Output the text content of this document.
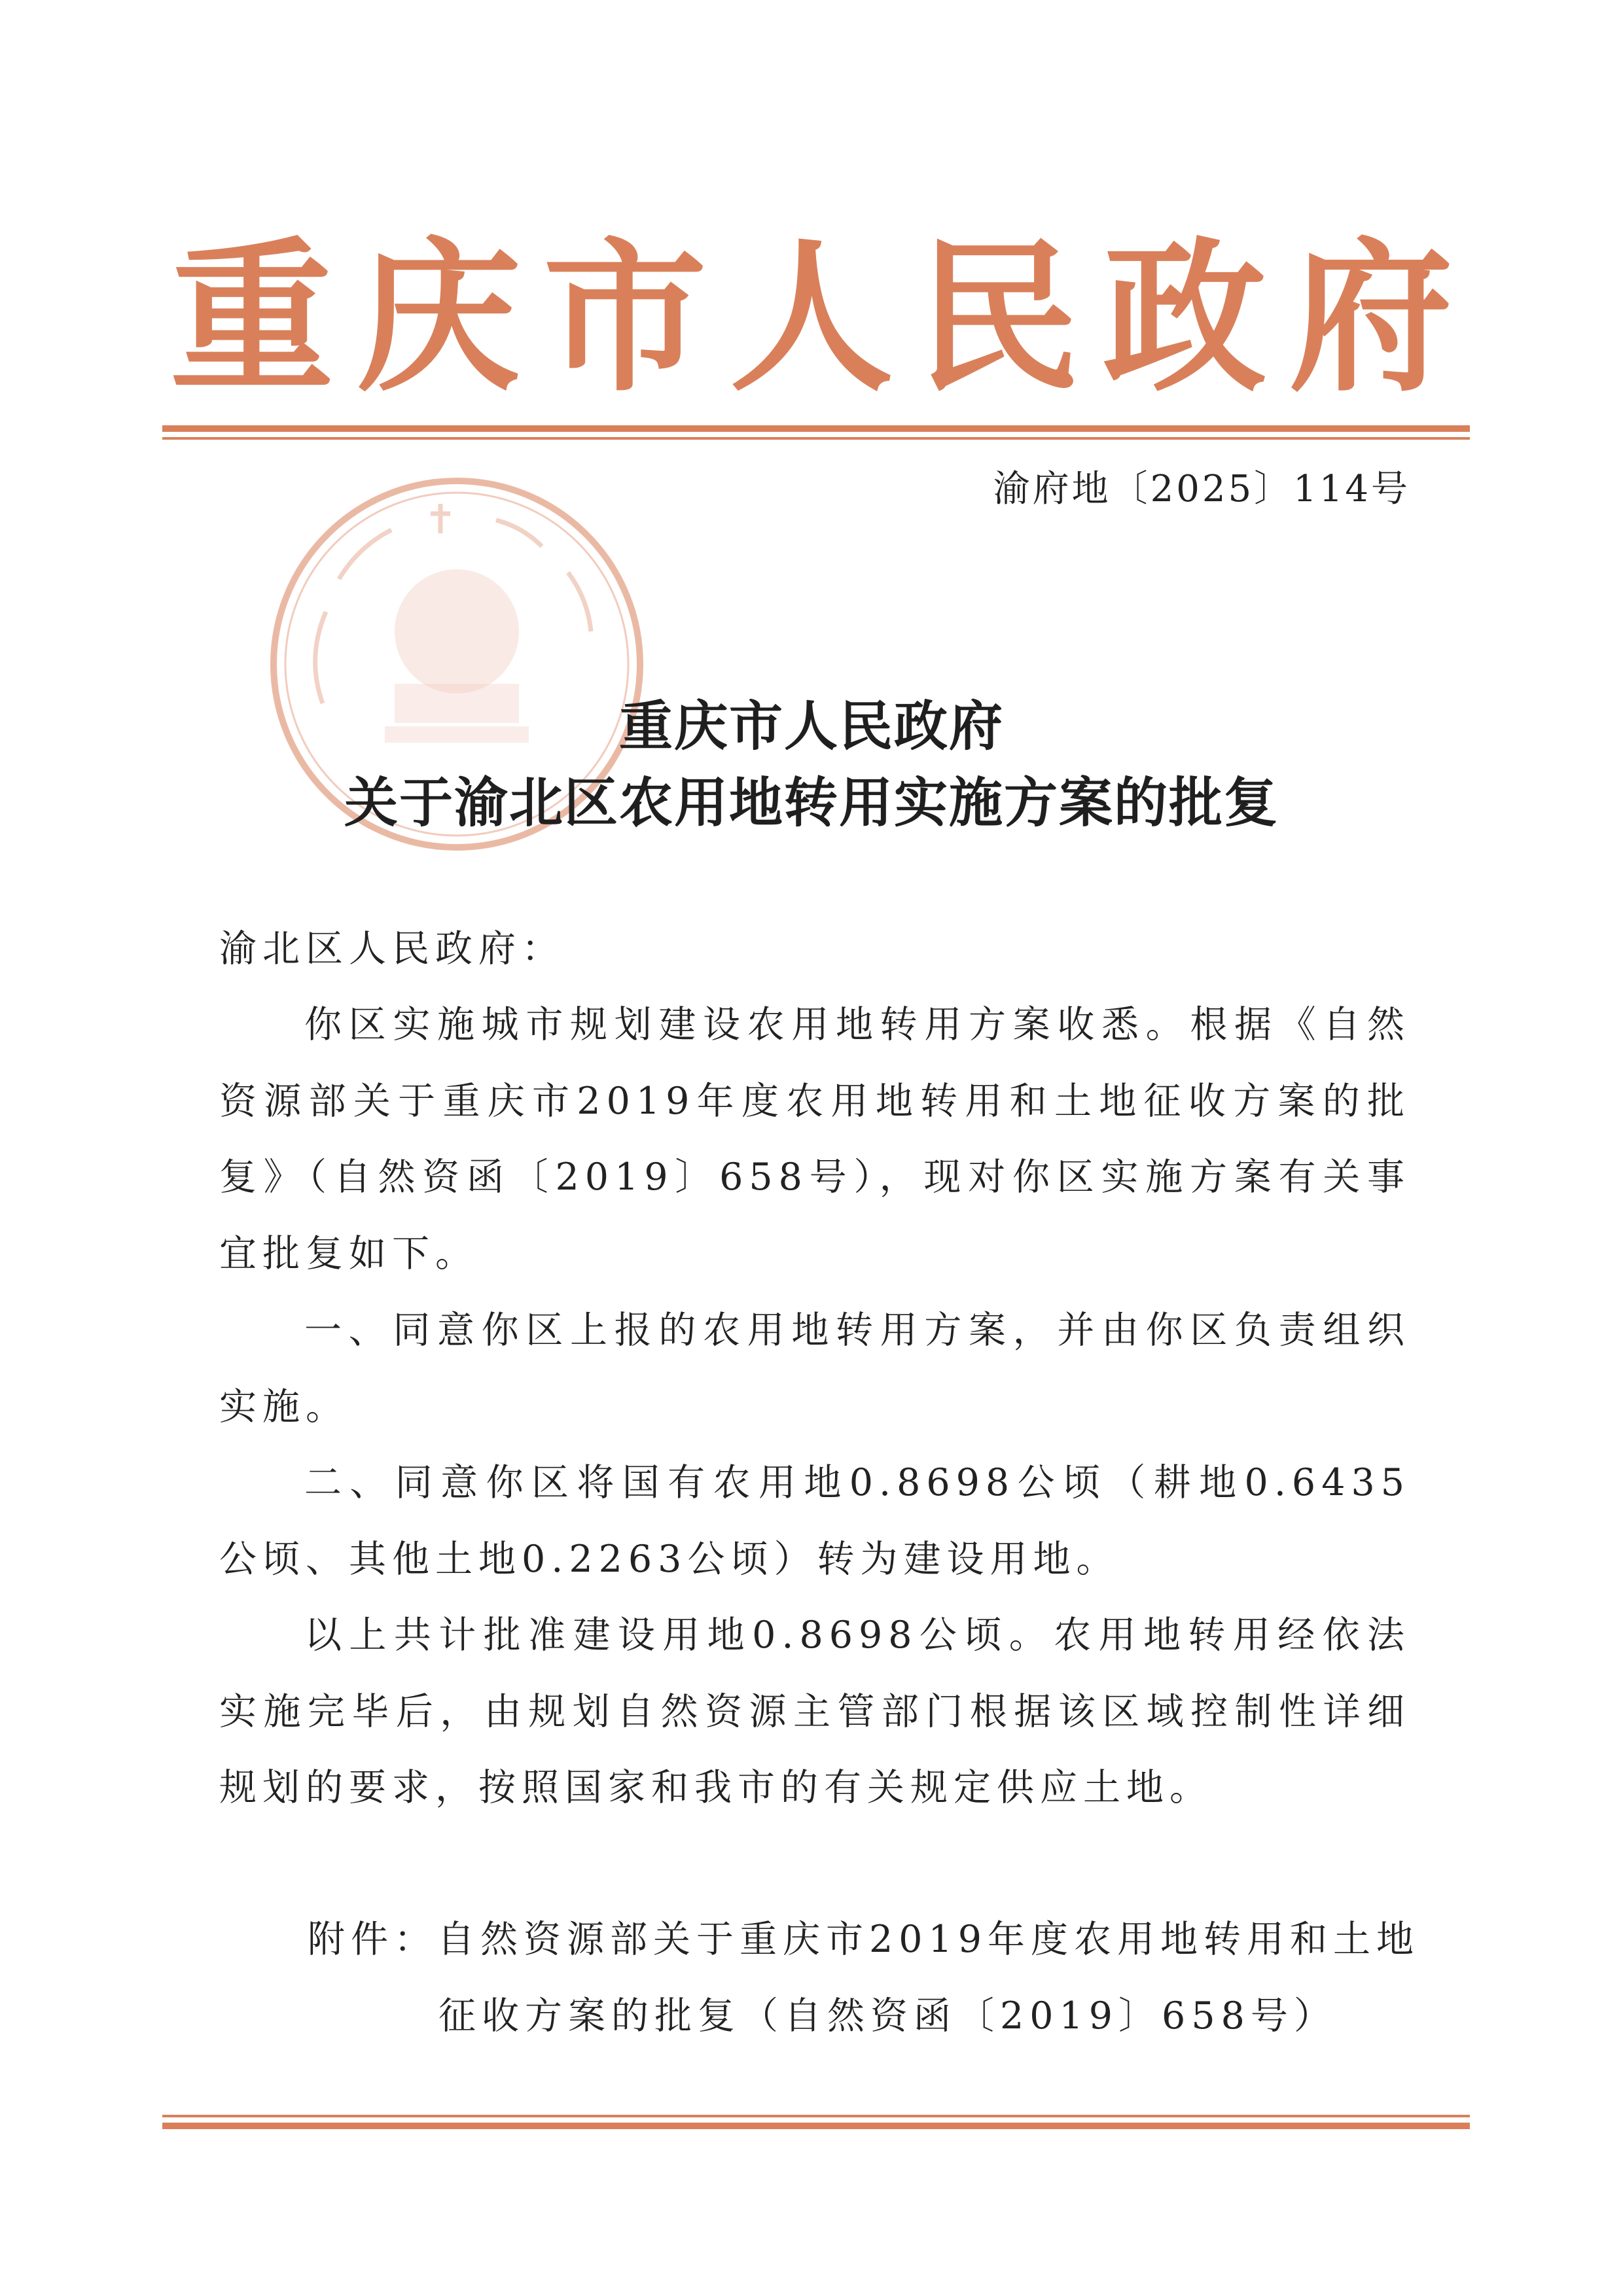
重 庆 市 人 民 政 府
渝府地〔2025〕114号
重庆市人民政府
关于渝北区农用地转用实施方案的批复
渝北区人民政府：
你区实施城市规划建设农用地转用方案收悉。根据《自然资源部关于重庆市2019年度农用地转用和土地征收方案的批复》（自然资函〔2019〕658号），现对你区实施方案有关事宜批复如下。
一、同意你区上报的农用地转用方案，并由你区负责组织实施。
二、同意你区将国有农用地0.8698公顷（耕地0.6435公顷、其他土地0.2263公顷）转为建设用地。
以上共计批准建设用地0.8698公顷。农用地转用经依法实施完毕后，由规划自然资源主管部门根据该区域控制性详细规划的要求，按照国家和我市的有关规定供应土地。
附件：自然资源部关于重庆市2019年度农用地转用和土地
征收方案的批复（自然资函〔2019〕658号）
